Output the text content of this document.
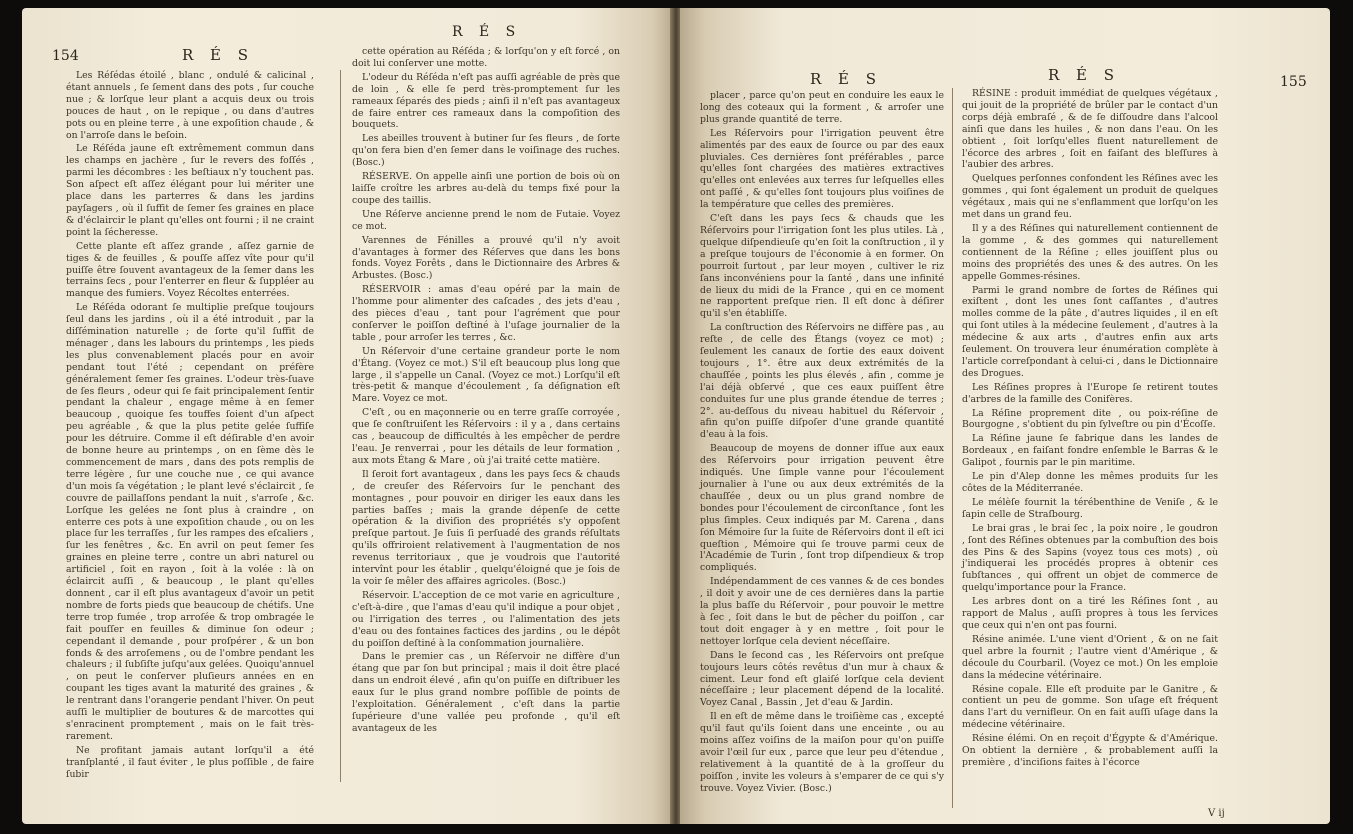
154	R É S

Les Réſédas étoilé , blanc , ondulé & calicinal , étant annuels , ſe ſement dans des pots , ſur couche nue ; & lorſque leur plant a acquis deux ou trois pouces de haut , on le repique , ou dans d'autres pots ou en pleine terre , à une expoſition chaude , & on l'arroſe dans le beſoin.

Le Réſéda jaune eſt extrêmement commun dans les champs en jachère , ſur le revers des foſſés , parmi les décombres : les beſtiaux n'y touchent pas. Son aſpect eſt aſſez élégant pour lui mériter une place dans les parterres & dans les jardins payſagers , où il ſuffit de ſemer ſes graines en place & d'éclaircir le plant qu'elles ont fourni ; il ne craint point la ſécheresse.

Cette plante eſt aſſez grande , aſſez garnie de tiges & de feuilles , & pouſſe aſſez vîte pour qu'il puiſſe être ſouvent avantageux de la ſemer dans les terrains ſecs , pour l'enterrer en fleur & ſuppléer au manque des fumiers. Voyez Récoltes enterrées.

Le Réſéda odorant ſe multiplie preſque toujours ſeul dans les jardins , où il a été introduit , par la diſſémination naturelle ; de ſorte qu'il ſuffit de ménager , dans les labours du printemps , les pieds les plus convenablement placés pour en avoir pendant tout l'été ; cependant on préfère généralement ſemer ſes graines. L'odeur très-ſuave de ſes fleurs , odeur qui ſe fait principalement ſentir pendant la chaleur , engage même à en ſemer beaucoup , quoique ſes touffes ſoient d'un aſpect peu agréable , & que la plus petite gelée ſuffiſe pour les détruire. Comme il eſt déſirable d'en avoir de bonne heure au printemps , on en ſème dès le commencement de mars , dans des pots remplis de terre légère , ſur une couche nue , ce qui avance d'un mois ſa végétation ; le plant levé s'éclaircit , ſe couvre de paillaſſons pendant la nuit , s'arroſe , &c. Lorſque les gelées ne ſont plus à craindre , on enterre ces pots à une expoſition chaude , ou on les place ſur les terraſſes , ſur les rampes des eſcaliers , ſur les fenêtres , &c. En avril on peut ſemer ſes graines en pleine terre , contre un abri naturel ou artificiel , ſoit en rayon , ſoit à la volée : là on éclaircit auſſi , & beaucoup , le plant qu'elles donnent , car il eſt plus avantageux d'avoir un petit nombre de forts pieds que beaucoup de chétifs. Une terre trop fumée , trop arroſée & trop ombragée le fait pouſſer en feuilles & diminue ſon odeur ; cependant il demande , pour proſpérer , & un bon fonds & des arroſemens , ou de l'ombre pendant les chaleurs ; il ſubſiſte juſqu'aux gelées. Quoiqu'annuel , on peut le conſerver pluſieurs années en en coupant les tiges avant la maturité des graines , & le rentrant dans l'orangerie pendant l'hiver. On peut auſſi le multiplier de boutures & de marcottes qui s'enracinent promptement , mais on le fait très-rarement.

Ne profitant jamais autant lorſqu'il a été tranſplanté , il faut éviter , le plus poſſible , de faire ſubir

R É S

cette opération au Réſéda ; & lorſqu'on y eſt forcé , on doit lui conſerver une motte.

L'odeur du Réſéda n'eſt pas auſſi agréable de près que de loin , & elle ſe perd très-promptement ſur les rameaux ſéparés des pieds ; ainſi il n'eſt pas avantageux de faire entrer ces rameaux dans la compoſition des bouquets.

Les abeilles trouvent à butiner ſur ſes fleurs , de ſorte qu'on fera bien d'en ſemer dans le voiſinage des ruches. (Bosc.)

RÉSERVE. On appelle ainſi une portion de bois où on laiſſe croître les arbres au-delà du temps fixé pour la coupe des taillis.

Une Réſerve ancienne prend le nom de Futaie. Voyez ce mot.

Varennes de Fénilles a prouvé qu'il n'y avoit d'avantages à former des Réſerves que dans les bons fonds. Voyez Forêts , dans le Dictionnaire des Arbres & Arbustes. (Bosc.)

RÉSERVOIR : amas d'eau opéré par la main de l'homme pour alimenter des caſcades , des jets d'eau , des pièces d'eau , tant pour l'agrément que pour conſerver le poiſſon deſtiné à l'uſage journalier de la table , pour arroſer les terres , &c.

Un Réſervoir d'une certaine grandeur porte le nom d'Étang. (Voyez ce mot.) S'il eſt beaucoup plus long que large , il s'appelle un Canal. (Voyez ce mot.) Lorſqu'il eſt très-petit & manque d'écoulement , ſa déſignation eſt Mare. Voyez ce mot.

C'eſt , ou en maçonnerie ou en terre graſſe corroyée , que ſe conſtruiſent les Réſervoirs : il y a , dans certains cas , beaucoup de difficultés à les empêcher de perdre l'eau. Je renverrai , pour les détails de leur formation , aux mots Étang & Mare , où j'ai traité cette matière.

Il ſeroit fort avantageux , dans les pays ſecs & chauds , de creuſer des Réſervoirs ſur le penchant des montagnes , pour pouvoir en diriger les eaux dans les parties baſſes ; mais la grande dépenſe de cette opération & la diviſion des propriétés s'y oppoſent preſque partout. Je ſuis ſi perſuadé des grands réſultats qu'ils offriroient relativement à l'augmentation de nos revenus territoriaux , que je voudrois que l'autorité intervînt pour les établir , quelqu'éloigné que je ſois de la voir ſe mêler des affaires agricoles. (Bosc.)

Réservoir. L'acception de ce mot varie en agriculture , c'eſt-à-dire , que l'amas d'eau qu'il indique a pour objet , ou l'irrigation des terres , ou l'alimentation des jets d'eau ou des fontaines factices des jardins , ou le dépôt du poiſſon deſtiné à la conſommation journalière.

Dans le premier cas , un Réſervoir ne diffère d'un étang que par ſon but principal ; mais il doit être placé dans un endroit élevé , afin qu'on puiſſe en diſtribuer les eaux ſur le plus grand nombre poſſible de points de l'exploitation. Généralement , c'eſt dans la partie ſupérieure d'une vallée peu profonde , qu'il eſt avantageux de les

R É S	R É S	155

placer , parce qu'on peut en conduire les eaux le long des coteaux qui la forment , & arroſer une plus grande quantité de terre.

Les Réſervoirs pour l'irrigation peuvent être alimentés par des eaux de ſource ou par des eaux pluviales. Ces dernières ſont préférables , parce qu'elles ſont chargées des matières extractives qu'elles ont enlevées aux terres ſur leſquelles elles ont paſſé , & qu'elles ſont toujours plus voiſines de la température que celles des premières.

C'eſt dans les pays ſecs & chauds que les Réſervoirs pour l'irrigation ſont les plus utiles. Là , quelque diſpendieuſe qu'en ſoit la conſtruction , il y a preſque toujours de l'économie à en former. On pourroit ſurtout , par leur moyen , cultiver le riz ſans inconvéniens pour la ſanté , dans une infinité de lieux du midi de la France , qui en ce moment ne rapportent preſque rien. Il eſt donc à déſirer qu'il s'en établiſſe.

La conſtruction des Réſervoirs ne diffère pas , au reſte , de celle des Étangs (voyez ce mot) ; ſeulement les canaux de ſortie des eaux doivent toujours , 1°. être aux deux extrémités de la chauſſée , points les plus élevés , afin , comme je l'ai déjà obſervé , que ces eaux puiſſent être conduites ſur une plus grande étendue de terres ; 2°. au-deſſous du niveau habituel du Réſervoir , afin qu'on puiſſe diſpoſer d'une grande quantité d'eau à la fois.

Beaucoup de moyens de donner iſſue aux eaux des Réſervoirs pour irrigation peuvent être indiqués. Une ſimple vanne pour l'écoulement journalier à l'une ou aux deux extrémités de la chauſſée , deux ou un plus grand nombre de bondes pour l'écoulement de circonſtance , ſont les plus ſimples. Ceux indiqués par M. Carena , dans ſon Mémoire ſur la ſuite de Réſervoirs dont il eſt ici queſtion , Mémoire qui ſe trouve parmi ceux de l'Académie de Turin , ſont trop diſpendieux & trop compliqués.

Indépendamment de ces vannes & de ces bondes , il doit y avoir une de ces dernières dans la partie la plus baſſe du Réſervoir , pour pouvoir le mettre à ſec , ſoit dans le but de pêcher du poiſſon , car tout doit engager à y en mettre , ſoit pour le nettoyer lorſque cela devient néceſſaire.

Dans le ſecond cas , les Réſervoirs ont preſque toujours leurs côtés revêtus d'un mur à chaux & ciment. Leur fond eſt glaiſé lorſque cela devient néceſſaire ; leur placement dépend de la localité. Voyez Canal , Bassin , Jet d'eau & Jardin.

Il en eſt de même dans le troiſième cas , excepté qu'il faut qu'ils ſoient dans une enceinte , ou au moins aſſez voiſins de la maiſon pour qu'on puiſſe avoir l'œil ſur eux , parce que leur peu d'étendue , relativement à la quantité de à la groſſeur du poiſſon , invite les voleurs à s'emparer de ce qui s'y trouve. Voyez Vivier. (Bosc.)

RÉSINE : produit immédiat de quelques végétaux , qui jouit de la propriété de brûler par le contact d'un corps déjà embraſé , & de ſe diſſoudre dans l'alcool ainſi que dans les huiles , & non dans l'eau. On les obtient , ſoit lorſqu'elles fluent naturellement de l'écorce des arbres , ſoit en faiſant des bleſſures à l'aubier des arbres.

Quelques perſonnes confondent les Réſines avec les gommes , qui ſont également un produit de quelques végétaux , mais qui ne s'enflamment que lorſqu'on les met dans un grand feu.

Il y a des Réſines qui naturellement contiennent de la gomme , & des gommes qui naturellement contiennent de la Réſine ; elles jouiſſent plus ou moins des propriétés des unes & des autres. On les appelle Gommes-résines.

Parmi le grand nombre de ſortes de Réſines qui exiſtent , dont les unes ſont caſſantes , d'autres molles comme de la pâte , d'autres liquides , il en eſt qui ſont utiles à la médecine ſeulement , d'autres à la médecine & aux arts , d'autres enfin aux arts ſeulement. On trouvera leur énumération complète à l'article correſpondant à celui-ci , dans le Dictionnaire des Drogues.

Les Réſines propres à l'Europe ſe retirent toutes d'arbres de la famille des Conifères.

La Réſine proprement dite , ou poix-réſine de Bourgogne , s'obtient du pin ſylveſtre ou pin d'Écoſſe.

La Réſine jaune ſe fabrique dans les landes de Bordeaux , en faiſant fondre enſemble le Barras & le Galipot , fournis par le pin maritime.

Le pin d'Alep donne les mêmes produits ſur les côtes de la Méditerranée.

Le mélèſe fournit la térébenthine de Veniſe , & le ſapin celle de Straſbourg.

Le brai gras , le brai ſec , la poix noire , le goudron , ſont des Réſines obtenues par la combuſtion des bois des Pins & des Sapins (voyez tous ces mots) , où j'indiquerai les procédés propres à obtenir ces ſubſtances , qui offrent un objet de commerce de quelqu'importance pour la France.

Les arbres dont on a tiré les Réſines ſont , au rapport de Malus , auſſi propres à tous les ſervices que ceux qui n'en ont pas fourni.

Résine animée. L'une vient d'Orient , & on ne ſait quel arbre la fournit ; l'autre vient d'Amérique , & découle du Courbaril. (Voyez ce mot.) On les emploie dans la médecine vétérinaire.

Résine copale. Elle eſt produite par le Ganitre , & contient un peu de gomme. Son uſage eſt fréquent dans l'art du vernifleur. On en fait auſſi uſage dans la médecine vétérinaire.

Résine élémi. On en reçoit d'Égypte & d'Amérique. On obtient la dernière , & probablement auſſi la première , d'inciſions faites à l'écorce

V ij
